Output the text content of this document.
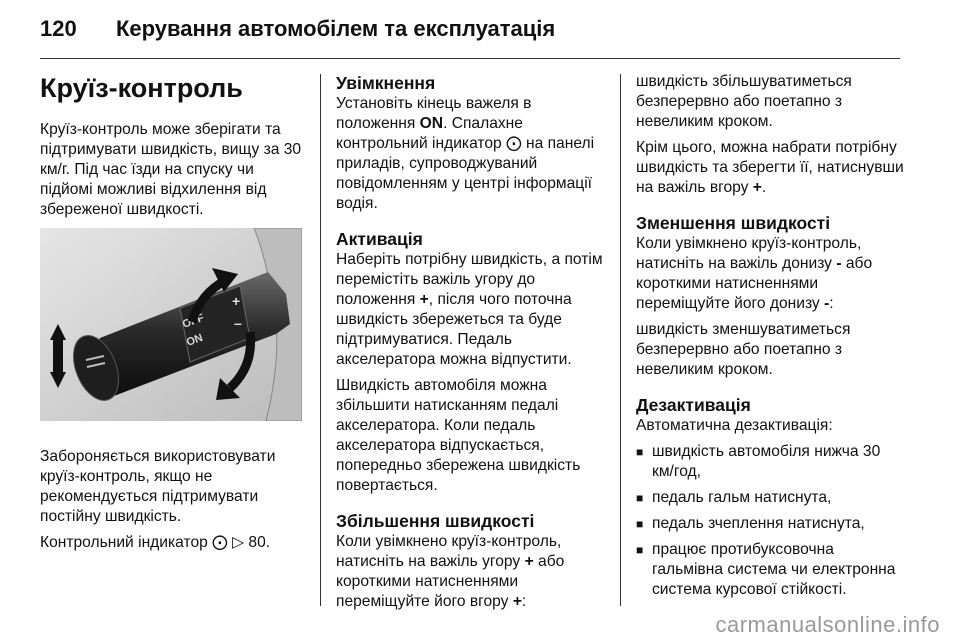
120 Керування автомобілем та експлуатація
Круїз-контроль

Круїз-контроль може зберігати та підтримувати швидкість, вищу за 30 км/г. Під час їзди на спуску чи підйомі можливі відхилення від збереженої швидкості.

OFF
ON
+
–

Забороняється використовувати круїз-контроль, якщо не рекомендується підтримувати постійну швидкість.

Контрольний індикатор ⨀ ▷ 80.

Увімкнення

Установіть кінець важеля в положення ON. Спалахне контрольний індикатор ⨀ на панелі приладів, супроводжуваний повідомленням у центрі інформації водія.

Активація

Наберіть потрібну швидкість, а потім перемістіть важіль угору до положення +, після чого поточна швидкість збережеться та буде підтримуватися. Педаль акселератора можна відпустити.

Швидкість автомобіля можна збільшити натисканням педалі акселератора. Коли педаль акселератора відпускається, попередньо збережена швидкість повертається.

Збільшення швидкості

Коли увімкнено круїз-контроль, натисніть на важіль угору + або короткими натисненнями переміщуйте його вгору +:

швидкість збільшуватиметься безперервно або поетапно з невеликим кроком.

Крім цього, можна набрати потрібну швидкість та зберегти її, натиснувши на важіль вгору +.

Зменшення швидкості

Коли увімкнено круїз-контроль, натисніть на важіль донизу - або короткими натисненнями переміщуйте його донизу -:

швидкість зменшуватиметься безперервно або поетапно з невеликим кроком.

Дезактивація

Автоматична дезактивація:

■ швидкість автомобіля нижча 30 км/год,
■ педаль гальм натиснута,
■ педаль зчеплення натиснута,
■ працює протибуксовочна гальмівна система чи електронна система курсової стійкості.
carmanualsonline.info
